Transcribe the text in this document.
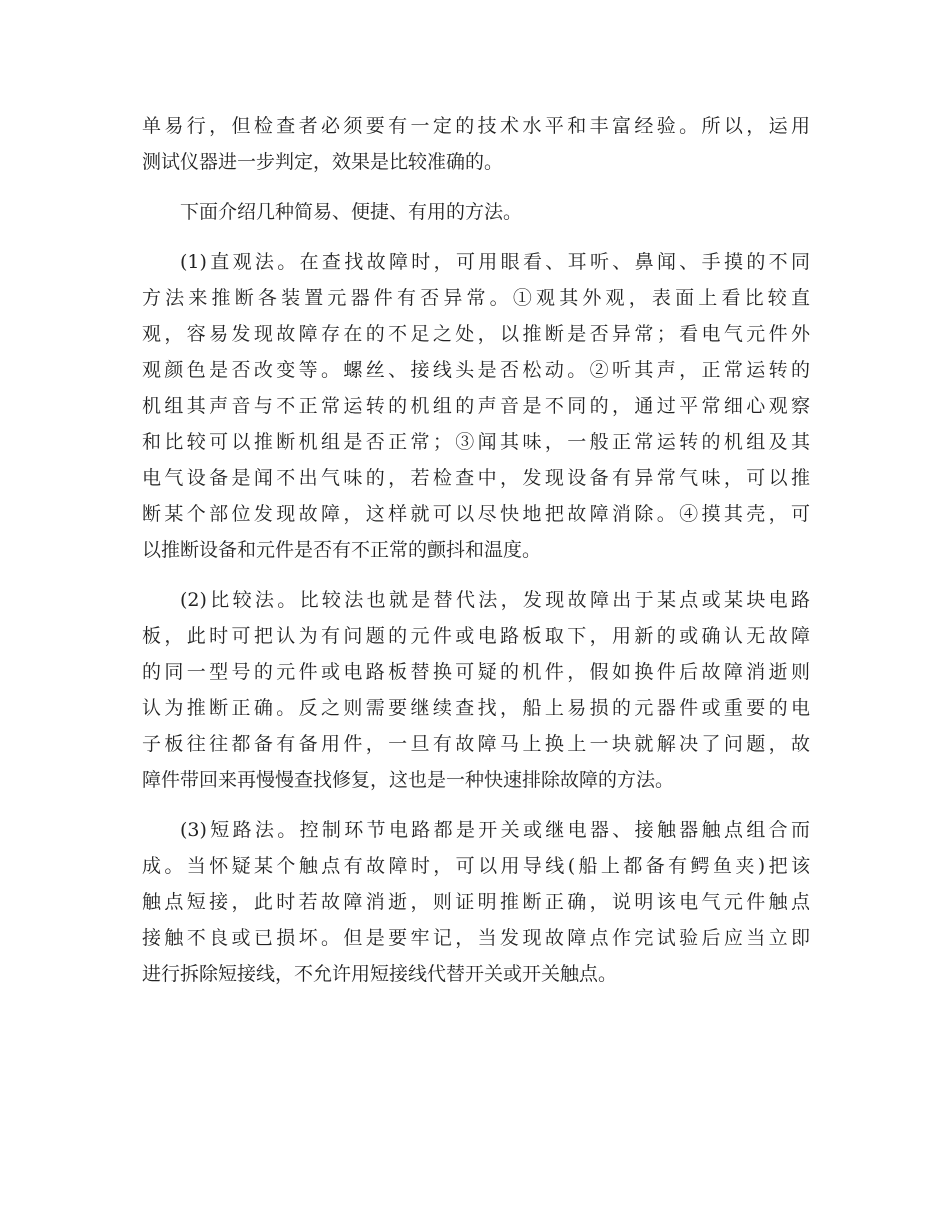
单易行，但检查者必须要有一定的技术水平和丰富经验。所以，运用
测试仪器进一步判定，效果是比较准确的。
下面介绍几种简易、便捷、有用的方法。
(1)直观法。在查找故障时，可用眼看、耳听、鼻闻、手摸的不同
方法来推断各装置元器件有否异常。①观其外观，表面上看比较直
观，容易发现故障存在的不足之处，以推断是否异常；看电气元件外
观颜色是否改变等。螺丝、接线头是否松动。②听其声，正常运转的
机组其声音与不正常运转的机组的声音是不同的，通过平常细心观察
和比较可以推断机组是否正常；③闻其味，一般正常运转的机组及其
电气设备是闻不出气味的，若检查中，发现设备有异常气味，可以推
断某个部位发现故障，这样就可以尽快地把故障消除。④摸其壳，可
以推断设备和元件是否有不正常的颤抖和温度。
(2)比较法。比较法也就是替代法，发现故障出于某点或某块电路
板，此时可把认为有问题的元件或电路板取下，用新的或确认无故障
的同一型号的元件或电路板替换可疑的机件，假如换件后故障消逝则
认为推断正确。反之则需要继续查找，船上易损的元器件或重要的电
子板往往都备有备用件，一旦有故障马上换上一块就解决了问题，故
障件带回来再慢慢查找修复，这也是一种快速排除故障的方法。
(3)短路法。控制环节电路都是开关或继电器、接触器触点组合而
成。当怀疑某个触点有故障时，可以用导线(船上都备有鳄鱼夹)把该
触点短接，此时若故障消逝，则证明推断正确，说明该电气元件触点
接触不良或已损坏。但是要牢记，当发现故障点作完试验后应当立即
进行拆除短接线，不允许用短接线代替开关或开关触点。
